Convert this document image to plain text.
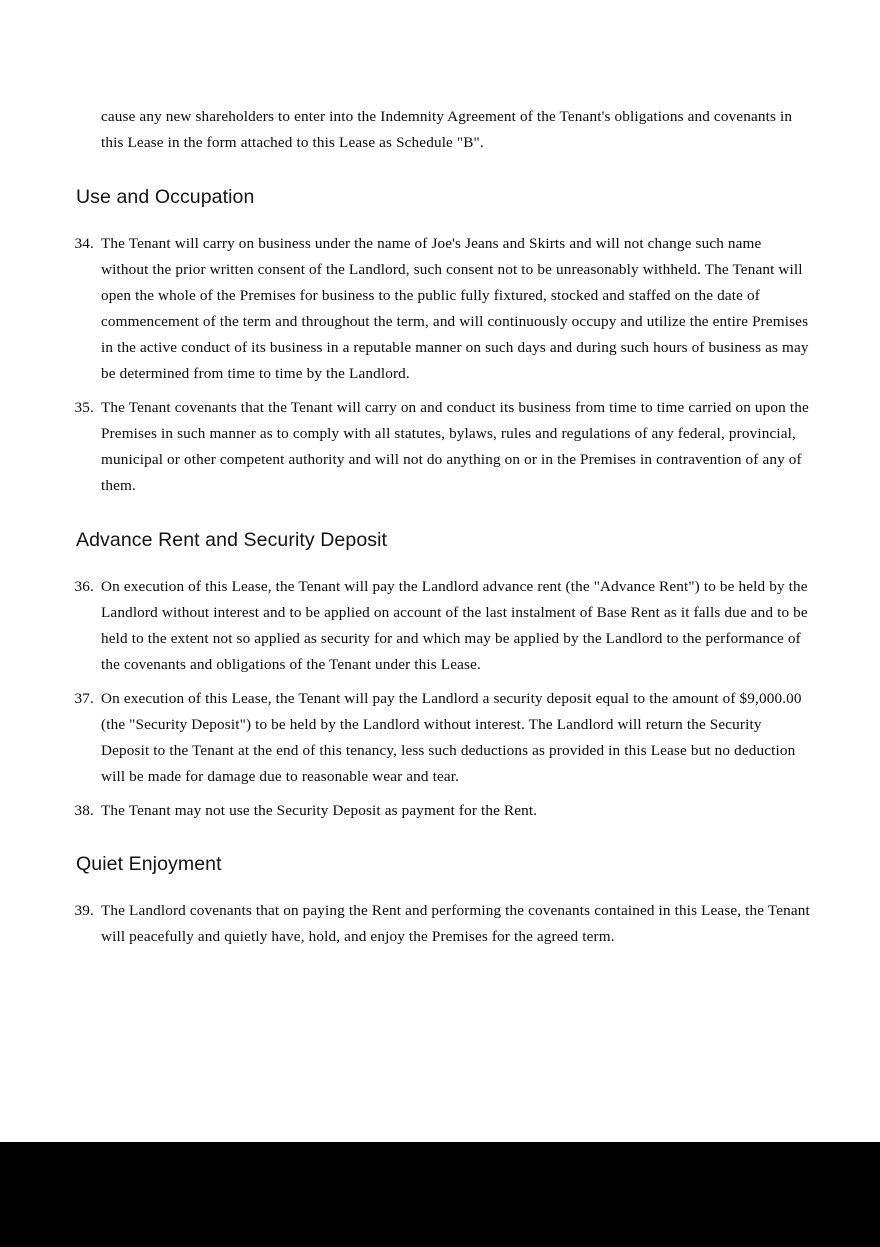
cause any new shareholders to enter into the Indemnity Agreement of the Tenant's obligations and covenants in this Lease in the form attached to this Lease as Schedule "B".

Use and Occupation
34. The Tenant will carry on business under the name of Joe's Jeans and Skirts and will not change such name without the prior written consent of the Landlord, such consent not to be unreasonably withheld. The Tenant will open the whole of the Premises for business to the public fully fixtured, stocked and staffed on the date of commencement of the term and throughout the term, and will continuously occupy and utilize the entire Premises in the active conduct of its business in a reputable manner on such days and during such hours of business as may be determined from time to time by the Landlord.
35. The Tenant covenants that the Tenant will carry on and conduct its business from time to time carried on upon the Premises in such manner as to comply with all statutes, bylaws, rules and regulations of any federal, provincial, municipal or other competent authority and will not do anything on or in the Premises in contravention of any of them.
Advance Rent and Security Deposit
36. On execution of this Lease, the Tenant will pay the Landlord advance rent (the "Advance Rent") to be held by the Landlord without interest and to be applied on account of the last instalment of Base Rent as it falls due and to be held to the extent not so applied as security for and which may be applied by the Landlord to the performance of the covenants and obligations of the Tenant under this Lease.
37. On execution of this Lease, the Tenant will pay the Landlord a security deposit equal to the amount of $9,000.00 (the "Security Deposit") to be held by the Landlord without interest. The Landlord will return the Security Deposit to the Tenant at the end of this tenancy, less such deductions as provided in this Lease but no deduction will be made for damage due to reasonable wear and tear.
38. The Tenant may not use the Security Deposit as payment for the Rent.
Quiet Enjoyment
39. The Landlord covenants that on paying the Rent and performing the covenants contained in this Lease, the Tenant will peacefully and quietly have, hold, and enjoy the Premises for the agreed term.
